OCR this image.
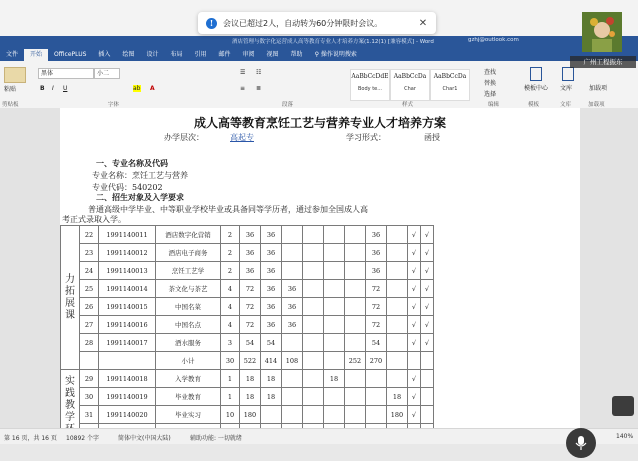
!	会议已超过2人，自动转为60分钟限时会议。	✕
广州工程振东
酒店管理与数字化运营成人高等教育专业人才培养方案(1.12(1) [兼容模式] - Word	gzhj@outlook.com
文件	开始	OfficePLUS	插入	绘图	设计	布局	引用	邮件	审阅	视图	帮助	⚲ 操作说明搜索
粘贴
剪贴板
黑体	小二
B I U	A
ab
字体
☰ ☷
≡ ≣
段落
AaBbCcDdE
Body te...
AaBbCcDa
Char
AaBbCcDa
Char1
样式
查找
替换
选择
编辑
模板中心
模板
文库
文库
加载项
加载项
成人高等教育烹饪工艺与营养专业人才培养方案
办学层次：	高起专	学习形式：	函授
一、专业名称及代码
专业名称：烹饪工艺与营养
专业代码：540202
二、招生对象及入学要求
普通高级中学毕业、中等职业学校毕业或具备同等学历者，通过参加全国成人高
考正式录取入学。
力拓展课	22	1991140011	酒店数字化营销	2	36	36					36		√	√
	23	1991140012	酒店电子商务	2	36	36					36		√	√
	24	1991140013	烹饪工艺学	2	36	36					36		√	√
	25	1991140014	茶文化与茶艺	4	72	36	36				72		√	√
	26	1991140015	中国名菜	4	72	36	36				72		√	√
	27	1991140016	中国名点	4	72	36	36				72		√	√
	28	1991140017	酒水服务	3	54	54					54		√	√
			小计	30	522	414	108			252	270			
实践教学	29	1991140018	入学教育	1	18	18			18				√	
	30	1991140019	毕业教育	1	18	18						18	√	
	31	1991140020	毕业实习	10	180							180	√	

第 16 页，共 16 页 10892 个字	简体中文(中国大陆)	辅助功能: 一切就绪	140%
